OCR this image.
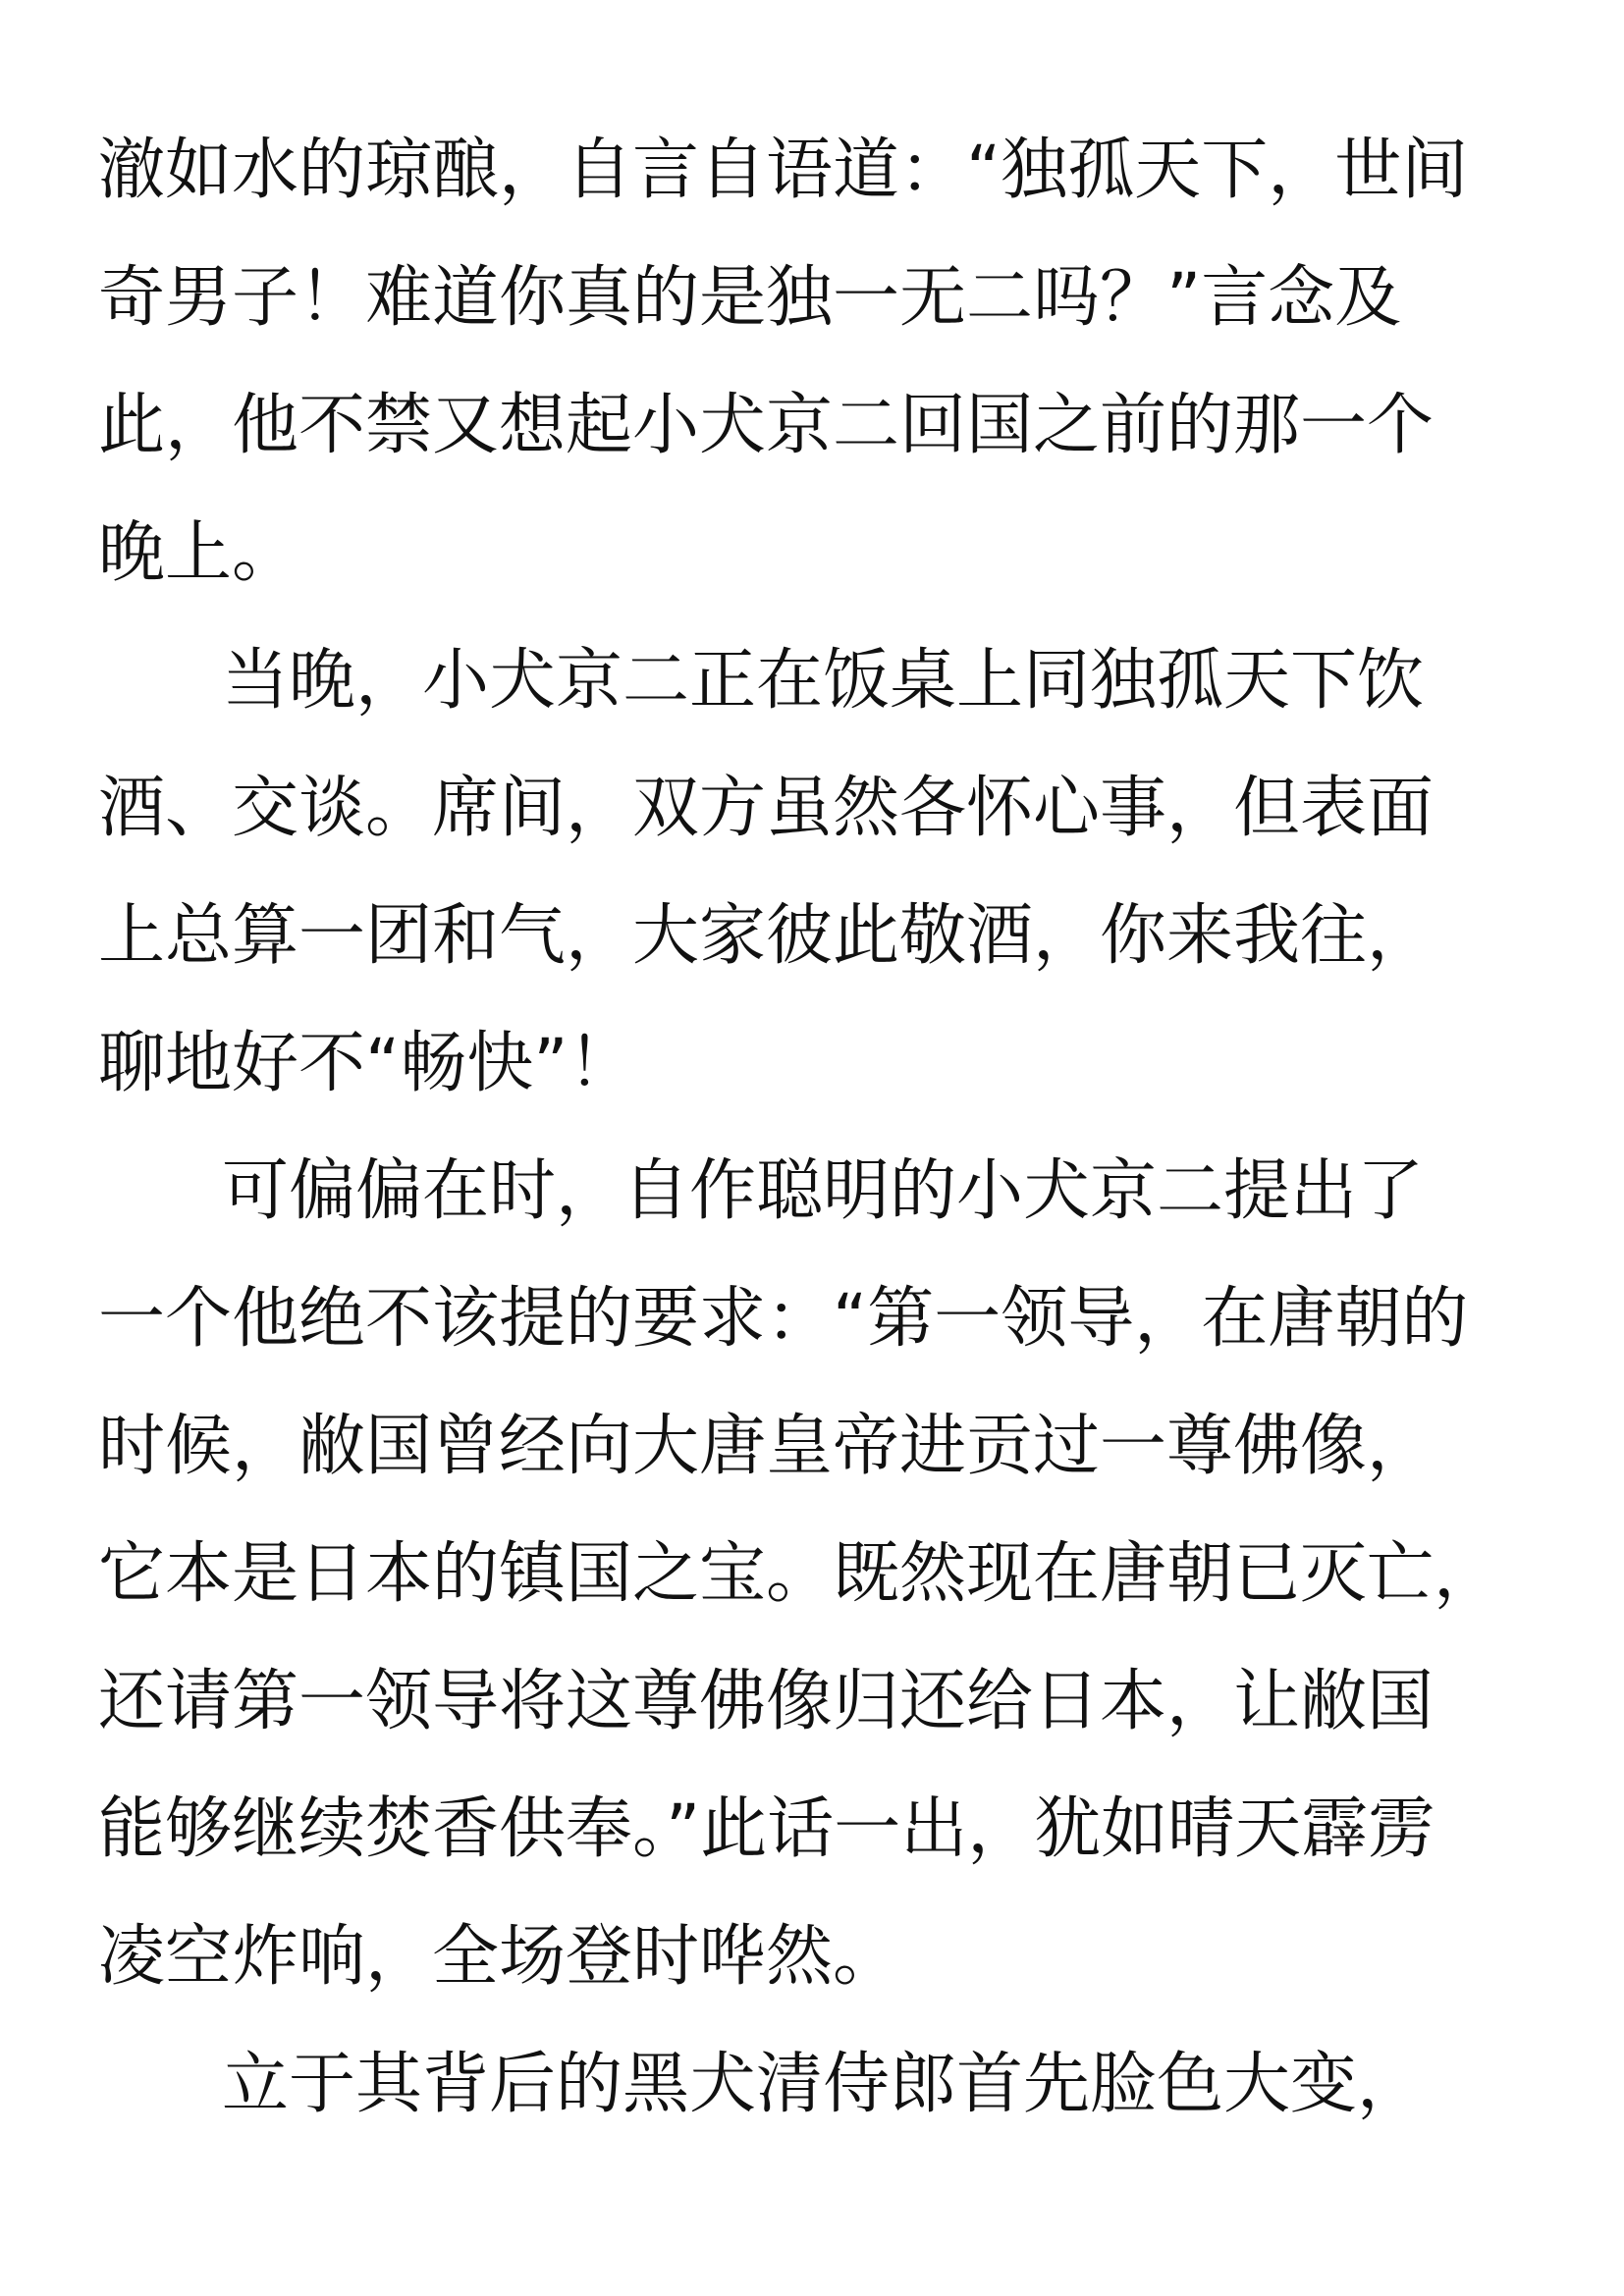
澈如水的琼酿，自言自语道：“独孤天下，世间
奇男子！难道你真的是独一无二吗？”言念及
此，他不禁又想起小犬京二回国之前的那一个
晚上。
当晚，小犬京二正在饭桌上同独孤天下饮
酒、交谈。席间，双方虽然各怀心事，但表面
上总算一团和气，大家彼此敬酒，你来我往，
聊地好不“畅快”！
可偏偏在时，自作聪明的小犬京二提出了
一个他绝不该提的要求：“第一领导，在唐朝的
时候，敝国曾经向大唐皇帝进贡过一尊佛像，
它本是日本的镇国之宝。既然现在唐朝已灭亡，
还请第一领导将这尊佛像归还给日本，让敝国
能够继续焚香供奉。”此话一出，犹如晴天霹雳
凌空炸响，全场登时哗然。
立于其背后的黑犬清侍郎首先脸色大变，
